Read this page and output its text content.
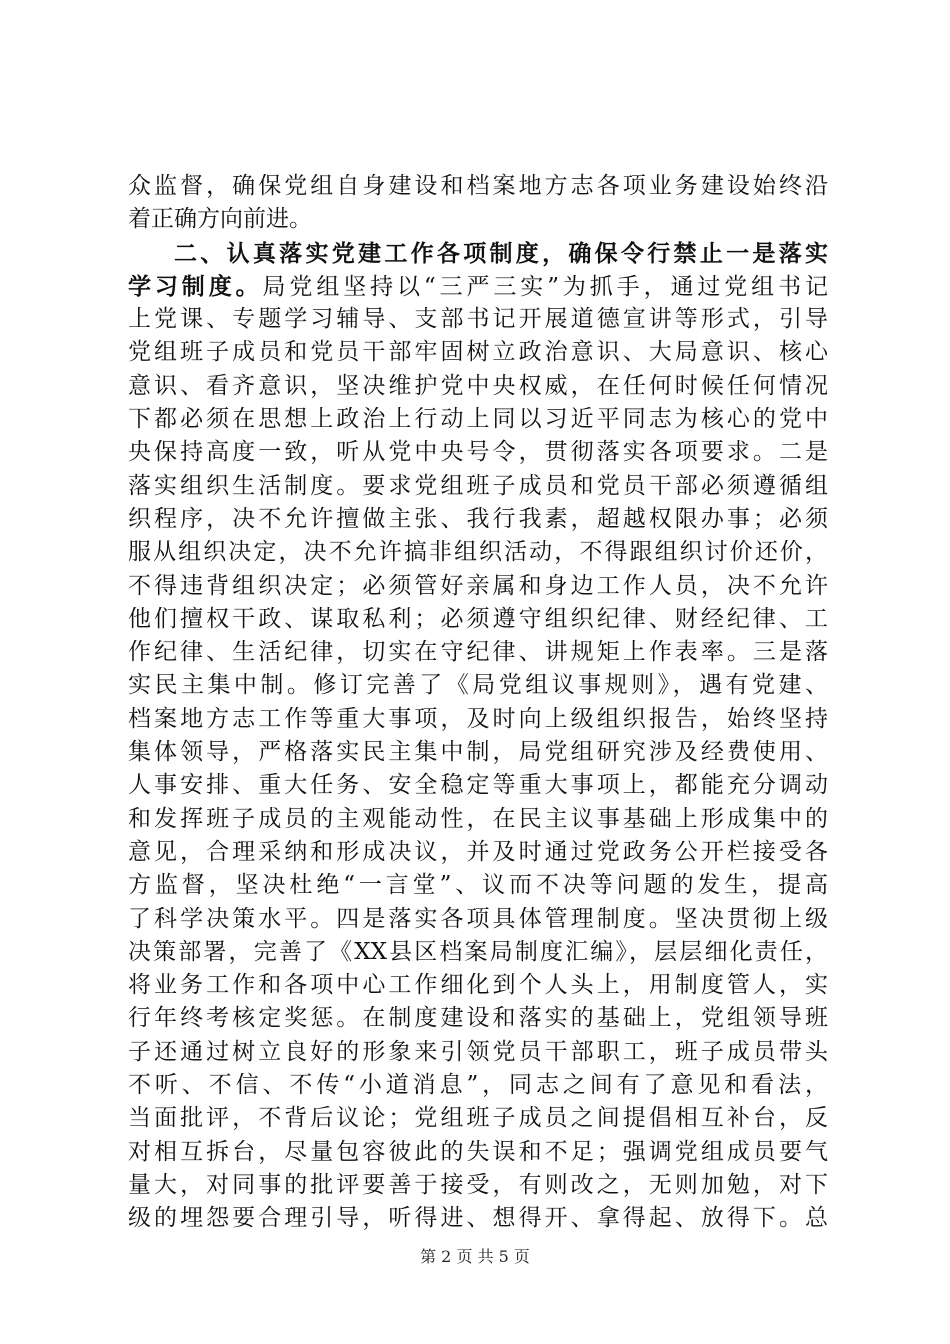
众监督，确保党组自身建设和档案地方志各项业务建设始终沿
着正确方向前进。
二、认真落实党建工作各项制度，确保令行禁止一是落实
学习制度。局党组坚持以“三严三实”为抓手，通过党组书记
上党课、专题学习辅导、支部书记开展道德宣讲等形式，引导
党组班子成员和党员干部牢固树立政治意识、大局意识、核心
意识、看齐意识，坚决维护党中央权威，在任何时候任何情况
下都必须在思想上政治上行动上同以习近平同志为核心的党中
央保持高度一致，听从党中央号令，贯彻落实各项要求。二是
落实组织生活制度。要求党组班子成员和党员干部必须遵循组
织程序，决不允许擅做主张、我行我素，超越权限办事；必须
服从组织决定，决不允许搞非组织活动，不得跟组织讨价还价，
不得违背组织决定；必须管好亲属和身边工作人员，决不允许
他们擅权干政、谋取私利；必须遵守组织纪律、财经纪律、工
作纪律、生活纪律，切实在守纪律、讲规矩上作表率。三是落
实民主集中制。修订完善了《局党组议事规则》，遇有党建、
档案地方志工作等重大事项，及时向上级组织报告，始终坚持
集体领导，严格落实民主集中制，局党组研究涉及经费使用、
人事安排、重大任务、安全稳定等重大事项上，都能充分调动
和发挥班子成员的主观能动性，在民主议事基础上形成集中的
意见，合理采纳和形成决议，并及时通过党政务公开栏接受各
方监督，坚决杜绝“一言堂”、议而不决等问题的发生，提高
了科学决策水平。四是落实各项具体管理制度。坚决贯彻上级
决策部署，完善了《XX县区档案局制度汇编》，层层细化责任，
将业务工作和各项中心工作细化到个人头上，用制度管人，实
行年终考核定奖惩。在制度建设和落实的基础上，党组领导班
子还通过树立良好的形象来引领党员干部职工，班子成员带头
不听、不信、不传“小道消息”，同志之间有了意见和看法，
当面批评，不背后议论；党组班子成员之间提倡相互补台，反
对相互拆台，尽量包容彼此的失误和不足；强调党组成员要气
量大，对同事的批评要善于接受，有则改之，无则加勉，对下
级的埋怨要合理引导，听得进、想得开、拿得起、放得下。总
第 2 页 共 5 页
